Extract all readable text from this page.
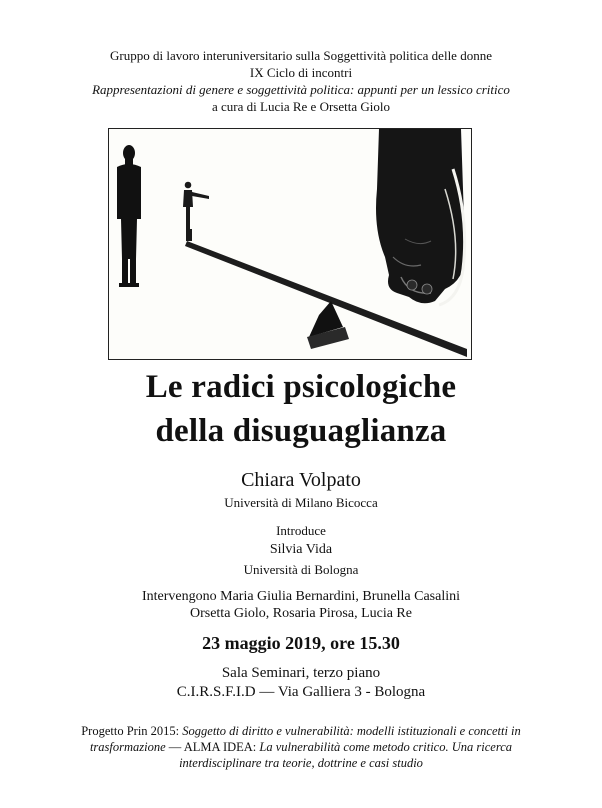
Gruppo di lavoro interuniversitario sulla Soggettività politica delle donne
IX Ciclo di incontri
Rappresentazioni di genere e soggettività politica: appunti per un lessico critico
a cura di Lucia Re e Orsetta Giolo
Le radici psicologiche
della disuguaglianza
Chiara Volpato
Università di Milano Bicocca
Introduce
Silvia Vida
Università di Bologna
Intervengono Maria Giulia Bernardini, Brunella Casalini
Orsetta Giolo, Rosaria Pirosa, Lucia Re
23 maggio 2019, ore 15.30
Sala Seminari, terzo piano
C.I.R.S.F.I.D — Via Galliera 3 - Bologna
Progetto Prin 2015: Soggetto di diritto e vulnerabilità: modelli istituzionali e concetti in
trasformazione — ALMA IDEA: La vulnerabilità come metodo critico. Una ricerca
interdisciplinare tra teorie, dottrine e casi studio
